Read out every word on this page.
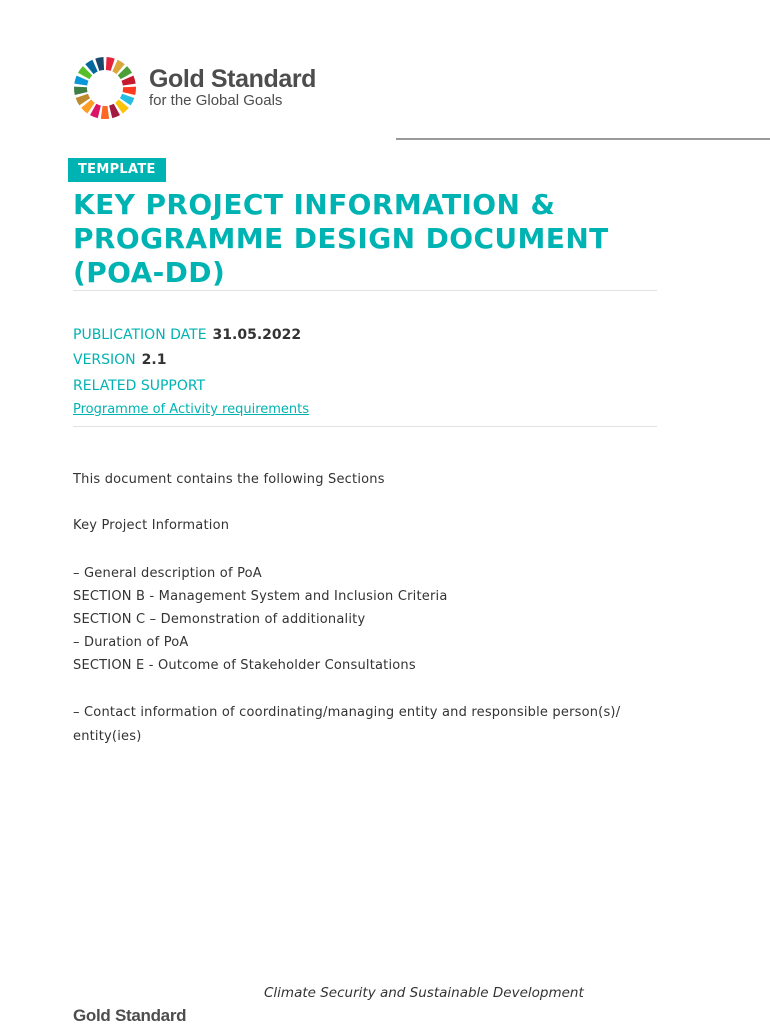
Gold Standard
for the Global Goals
TEMPLATE
KEY PROJECT INFORMATION &
PROGRAMME DESIGN DOCUMENT
(POA-DD)
PUBLICATION DATE 31.05.2022
VERSION 2.1
RELATED SUPPORT
Programme of Activity requirements
This document contains the following Sections
Key Project Information
– General description of PoA
SECTION B - Management System and Inclusion Criteria
SECTION C – Demonstration of additionality
– Duration of PoA
SECTION E - Outcome of Stakeholder Consultations
– Contact information of coordinating/managing entity and responsible person(s)/
entity(ies)
Climate Security and Sustainable Development
Gold Standard
